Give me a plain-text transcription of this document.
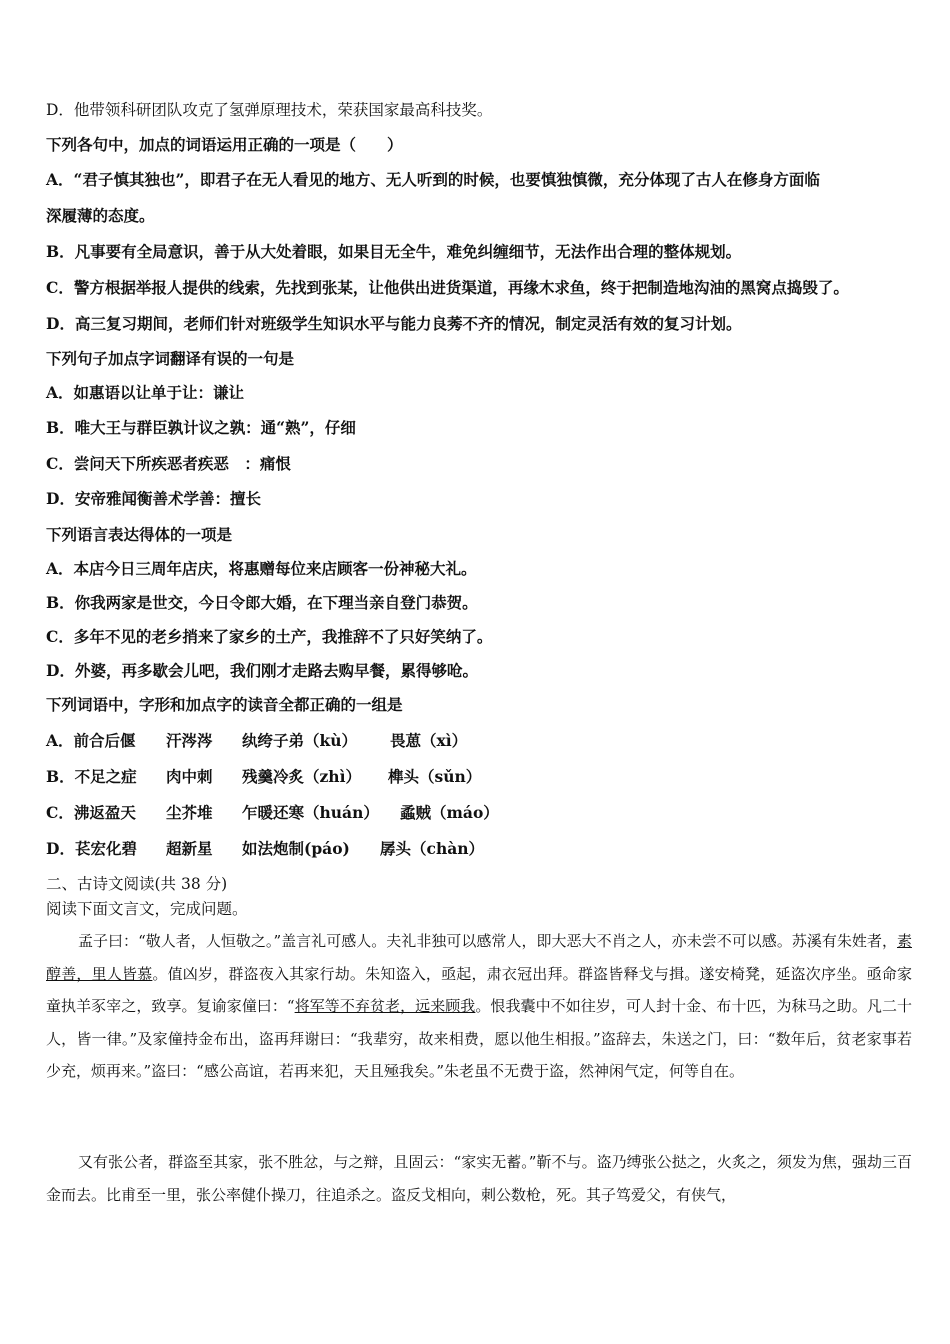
D．他带领科研团队攻克了氢弹原理技术，荣获国家最高科技奖。
下列各句中，加点的词语运用正确的一项是（　　）
A．“君子慎其独也”，即君子在无人看见的地方、无人听到的时候，也要慎独慎微，充分体现了古人在修身方面临
深履薄的态度。
B．凡事要有全局意识，善于从大处着眼，如果目无全牛，难免纠缠细节，无法作出合理的整体规划。
C．警方根据举报人提供的线索，先找到张某，让他供出进货渠道，再缘木求鱼，终于把制造地沟油的黑窝点捣毁了。
D．高三复习期间，老师们针对班级学生知识水平与能力良莠不齐的情况，制定灵活有效的复习计划。
下列句子加点字词翻译有误的一句是
A．如惠语以让单于让：谦让
B．唯大王与群臣孰计议之孰：通“熟”，仔细
C．尝问天下所疾恶者疾恶　：痛恨
D．安帝雅闻衡善术学善：擅长
下列语言表达得体的一项是
A．本店今日三周年店庆，将惠赠每位来店顾客一份神秘大礼。
B．你我两家是世交，今日令郎大婚，在下理当亲自登门恭贺。
C．多年不见的老乡捎来了家乡的土产，我推辞不了只好笑纳了。
D．外婆，再多歇会儿吧，我们刚才走路去购早餐，累得够呛。
下列词语中，字形和加点字的读音全都正确的一组是
A．前合后偃 汗涔涔 纨绔子弟（kù） 畏葸（xì）
B．不足之症 肉中刺 残羹冷炙（zhì） 榫头（sǔn）
C．沸返盈天 尘芥堆 乍暖还寒（huán） 蟊贼（máo）
D．苌宏化碧 超新星 如法炮制(páo) 孱头（chàn）
二、古诗文阅读(共 38 分)
阅读下面文言文，完成问题。
孟子曰：“敬人者，人恒敬之。”盖言礼可感人。夫礼非独可以感常人，即大恶大不肖之人，亦未尝不可以感。苏溪有朱姓者，素醇善，里人皆慕。值凶岁，群盗夜入其家行劫。朱知盗入，亟起，肃衣冠出拜。群盗皆释戈与揖。遂安椅凳，延盗次序坐。亟命家童执羊豕宰之，致享。复谕家僮曰：“将军等不弃贫老，远来顾我。恨我囊中不如往岁，可人封十金、布十匹，为秣马之助。凡二十人，皆一律。”及家僮持金布出，盗再拜谢曰：“我辈穷，故来相费，愿以他生相报。”盗辞去，朱送之门，曰：“数年后，贫老家事若少充，烦再来。”盗曰：“感公高谊，若再来犯，天且殛我矣。”朱老虽不无费于盗，然神闲气定，何等自在。
又有张公者，群盗至其家，张不胜忿，与之辩，且固云：“家实无蓄。”靳不与。盗乃缚张公挞之，火炙之，须发为焦，强劫三百金而去。比甫至一里，张公率健仆操刀，往追杀之。盗反戈相向，刺公数枪，死。其子笃爱父，有侠气，
